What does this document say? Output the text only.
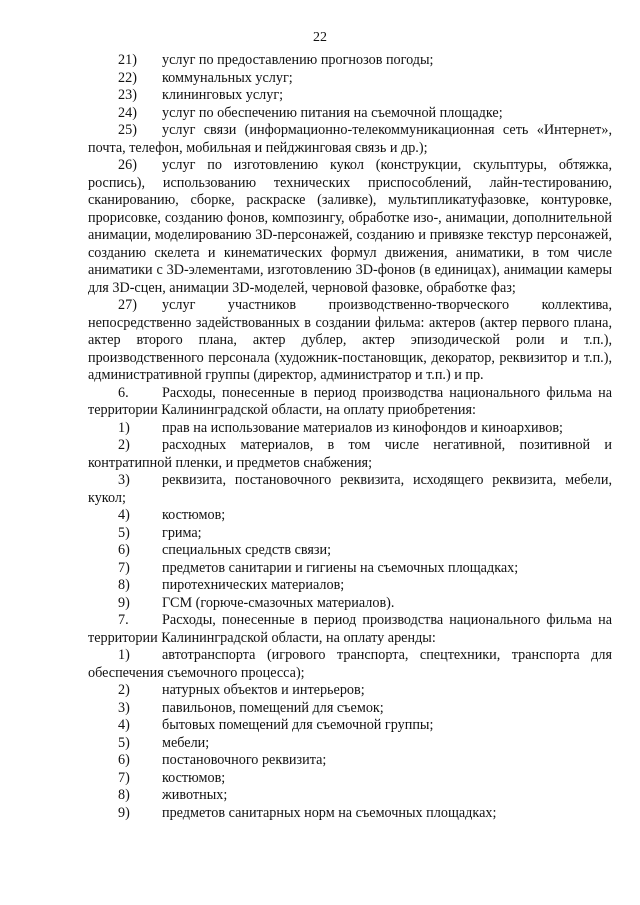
22

21) услуг по предоставлению прогнозов погоды;

22) коммунальных услуг;

23) клининговых услуг;

24) услуг по обеспечению питания на съемочной площадке;

25) услуг связи (информационно-телекоммуникационная сеть «Интернет», почта, телефон, мобильная и пейджинговая связь и др.);

26) услуг по изготовлению кукол (конструкции, скульптуры, обтяжка, роспись), использованию технических приспособлений, лайн-тестированию, сканированию, сборке, раскраске (заливке), мультипликатуфазовке, контуровке, прорисовке, созданию фонов, композингу, обработке изо-, анимации, дополнительной анимации, моделированию 3D-персонажей, созданию и привязке текстур персонажей, созданию скелета и кинематических формул движения, аниматики, в том числе аниматики с 3D-элементами, изготовлению 3D-фонов (в единицах), анимации камеры для 3D-сцен, анимации 3D-моделей, черновой фазовке, обработке фаз;

27) услуг участников производственно-творческого коллектива, непосредственно задействованных в создании фильма: актеров (актер первого плана, актер второго плана, актер дублер, актер эпизодической роли и т.п.), производственного персонала (художник-постановщик, декоратор, реквизитор и т.п.), административной группы (директор, администратор и т.п.) и пр.

6. Расходы, понесенные в период производства национального фильма на территории Калининградской области, на оплату приобретения:

1) прав на использование материалов из кинофондов и киноархивов;

2) расходных материалов, в том числе негативной, позитивной и контратипной пленки, и предметов снабжения;

3) реквизита, постановочного реквизита, исходящего реквизита, мебели, кукол;

4) костюмов;

5) грима;

6) специальных средств связи;

7) предметов санитарии и гигиены на съемочных площадках;

8) пиротехнических материалов;

9) ГСМ (горюче-смазочных материалов).

7. Расходы, понесенные в период производства национального фильма на территории Калининградской области, на оплату аренды:

1) автотранспорта (игрового транспорта, спецтехники, транспорта для обеспечения съемочного процесса);

2) натурных объектов и интерьеров;

3) павильонов, помещений для съемок;

4) бытовых помещений для съемочной группы;

5) мебели;

6) постановочного реквизита;

7) костюмов;

8) животных;

9) предметов санитарных норм на съемочных площадках;
